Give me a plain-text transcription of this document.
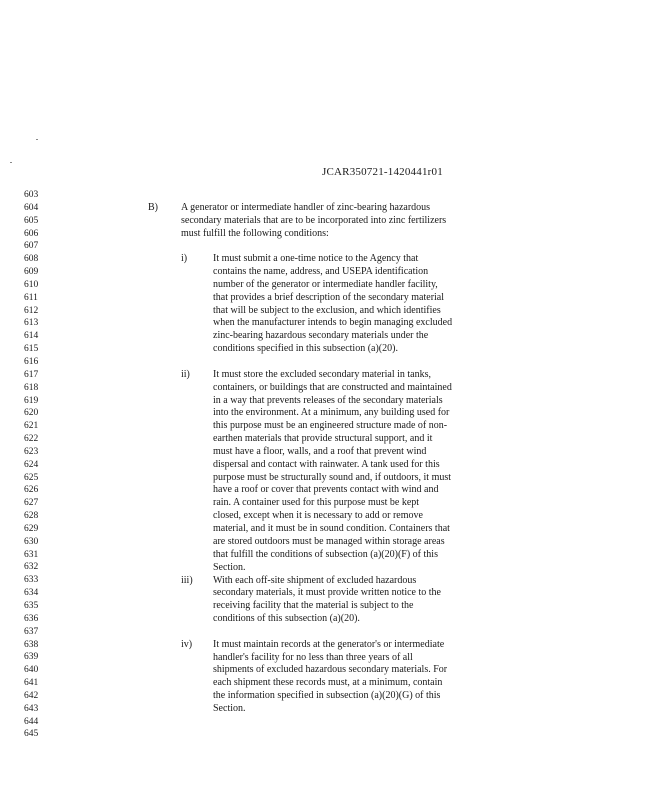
JCAR350721-1420441r01
603
604
605
606
607
608
609
610
611
612
613
614
615
616
617
618
619
620
621
622
623
624
625
626
627
628
629
630
631
632
633
634
635
636
637
638
639
640
641
642
643
644
645
B) A generator or intermediate handler of zinc-bearing hazardous
secondary materials that are to be incorporated into zinc fertilizers
must fulfill the following conditions:
i)	It must submit a one-time notice to the Agency that
contains the name, address, and USEPA identification
number of the generator or intermediate handler facility,
that provides a brief description of the secondary material
that will be subject to the exclusion, and which identifies
when the manufacturer intends to begin managing excluded
zinc-bearing hazardous secondary materials under the
conditions specified in this subsection (a)(20).
ii) It must store the excluded secondary material in tanks,
containers, or buildings that are constructed and maintained
in a way that prevents releases of the secondary materials
into the environment. At a minimum, any building used for
this purpose must be an engineered structure made of non-
earthen materials that provide structural support, and it
must have a floor, walls, and a roof that prevent wind
dispersal and contact with rainwater. A tank used for this
purpose must be structurally sound and, if outdoors, it must
have a roof or cover that prevents contact with wind and
rain. A container used for this purpose must be kept
closed, except when it is necessary to add or remove
material, and it must be in sound condition. Containers that
are stored outdoors must be managed within storage areas
that fulfill the conditions of subsection (a)(20)(F) of this
Section.
iii) With each off-site shipment of excluded hazardous
secondary materials, it must provide written notice to the
receiving facility that the material is subject to the
conditions of this subsection (a)(20).
iv) It must maintain records at the generator's or intermediate
handler's facility for no less than three years of all
shipments of excluded hazardous secondary materials. For
each shipment these records must, at a minimum, contain
the information specified in subsection (a)(20)(G) of this
Section.
